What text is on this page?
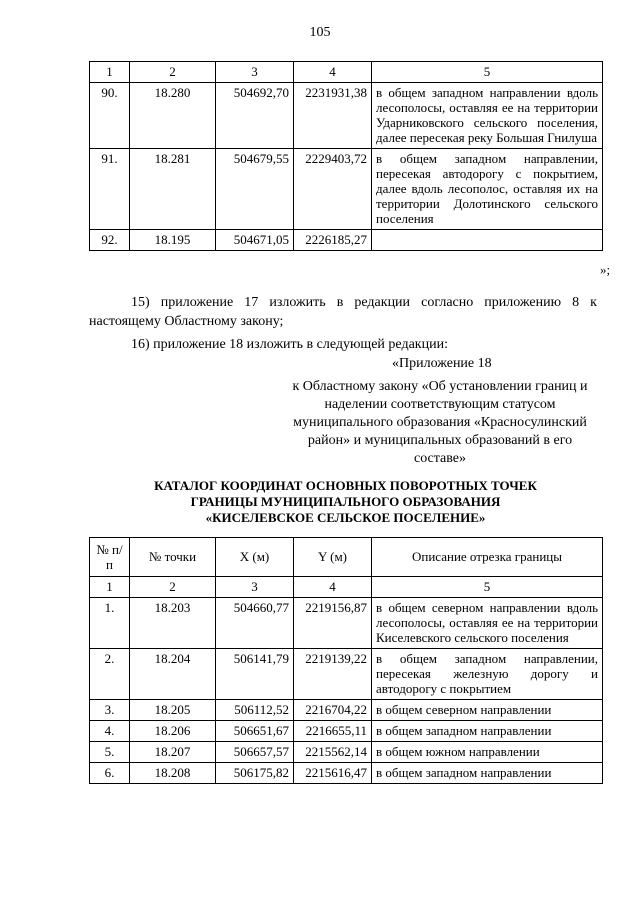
105
1	2	3	4	5
90.	18.280	504692,70	2231931,38	в общем западном направлении вдоль лесополосы, оставляя ее на территории Ударниковского сельского поселения, далее пересекая реку Большая Гнилуша
91.	18.281	504679,55	2229403,72	в общем западном направлении, пересекая автодорогу с покрытием, далее вдоль лесополос, оставляя их на территории Долотинского сельского поселения
92.	18.195	504671,05	2226185,27	
»;
15) приложение 17 изложить в редакции согласно приложению 8 к настоящему Областному закону;
16) приложение 18 изложить в следующей редакции:
«Приложение 18
к Областному закону «Об установлении границ и наделении соответствующим статусом муниципального образования «Красносулинский район» и муниципальных образований в его составе»
КАТАЛОГ КООРДИНАТ ОСНОВНЫХ ПОВОРОТНЫХ ТОЧЕК
ГРАНИЦЫ МУНИЦИПАЛЬНОГО ОБРАЗОВАНИЯ
«КИСЕЛЕВСКОЕ СЕЛЬСКОЕ ПОСЕЛЕНИЕ»
№ п/п	№ точки	X (м)	Y (м)	Описание отрезка границы
1	2	3	4	5
1.	18.203	504660,77	2219156,87	в общем северном направлении вдоль лесополосы, оставляя ее на территории Киселевского сельского поселения
2.	18.204	506141,79	2219139,22	в общем западном направлении, пересекая железную дорогу и автодорогу с покрытием
3.	18.205	506112,52	2216704,22	в общем северном направлении
4.	18.206	506651,67	2216655,11	в общем западном направлении
5.	18.207	506657,57	2215562,14	в общем южном направлении
6.	18.208	506175,82	2215616,47	в общем западном направлении
